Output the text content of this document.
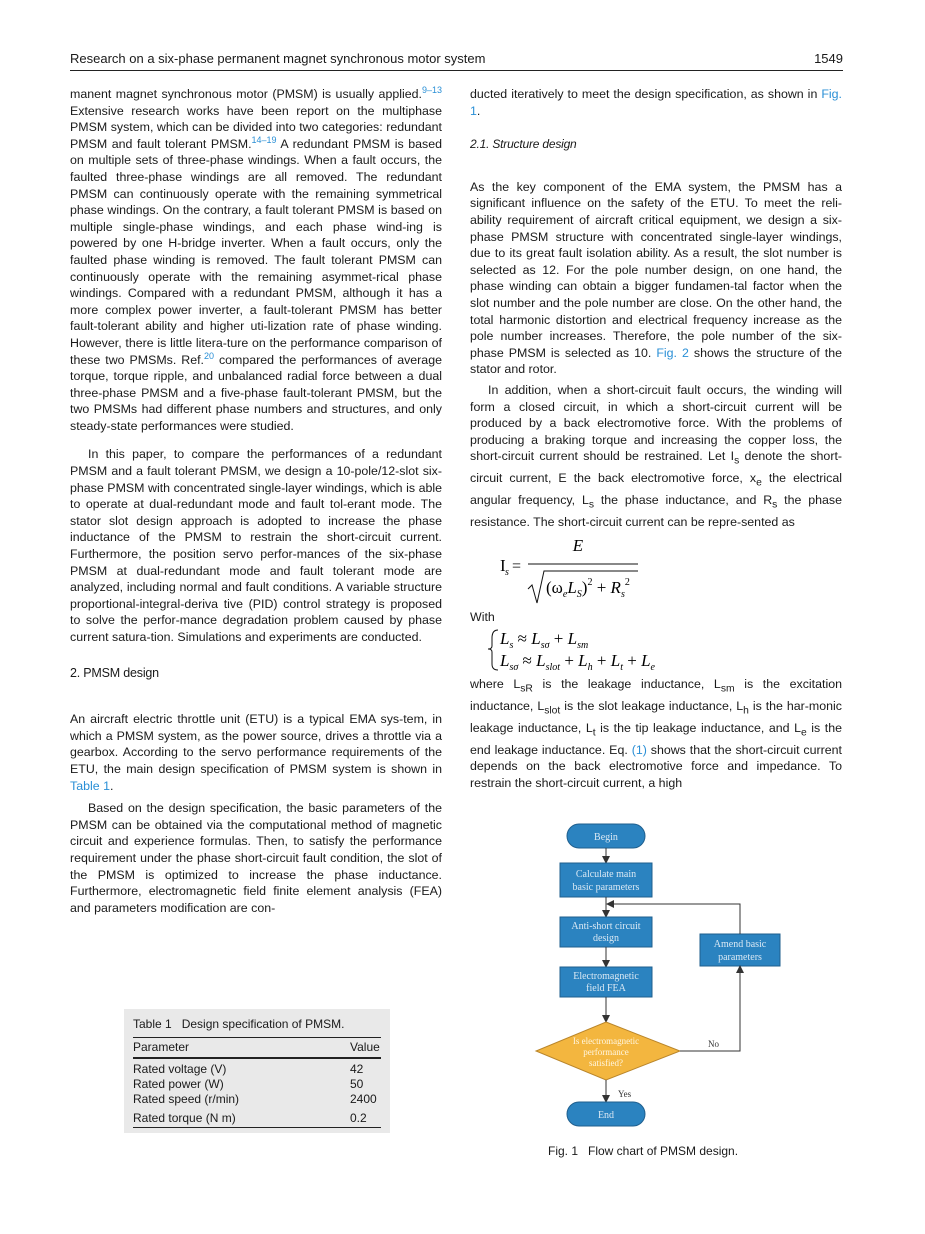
Research on a six-phase permanent magnet synchronous motor system	1549

manent magnet synchronous motor (PMSM) is usually applied.$^{9-13}$ Extensive research works have been report on the multiphase PMSM system, which can be divided into two categories: redundant PMSM and fault tolerant PMSM.$^{14-19}$ A redundant PMSM is based on multiple sets of three-phase windings. When a fault occurs, the faulted three-phase windings are all removed. The redundant PMSM can continuously operate with the remaining symmetrical phase windings. On the contrary, a fault tolerant PMSM is based on multiple single-phase windings, and each phase wind-ing is powered by one H-bridge inverter. When a fault occurs, only the faulted phase winding is removed. The fault tolerant PMSM can continuously operate with the remaining asymmet-rical phase windings. Compared with a redundant PMSM, although it has a more complex power inverter, a fault-tolerant PMSM has better fault-tolerant ability and higher uti-lization rate of phase winding. However, there is little litera-ture on the performance comparison of these two PMSMs. Ref.$^{20}$ compared the performances of average torque, torque ripple, and unbalanced radial force between a dual three-phase PMSM and a five-phase fault-tolerant PMSM, but the two PMSMs had different phase numbers and structures, and only steady-state performances were studied.

In this paper, to compare the performances of a redundant PMSM and a fault tolerant PMSM, we design a 10-pole/12-slot six-phase PMSM with concentrated single-layer windings, which is able to operate at dual-redundant mode and fault tol-erant mode. The stator slot design approach is adopted to increase the phase inductance of the PMSM to restrain the short-circuit current. Furthermore, the position servo perfor-mances of the six-phase PMSM at dual-redundant mode and fault tolerant mode are analyzed, including normal and fault conditions. A variable structure proportional-integral-deriva tive (PID) control strategy is proposed to solve the perfor-mance degradation problem caused by phase current satura-tion. Simulations and experiments are conducted.

2. PMSM design

An aircraft electric throttle unit (ETU) is a typical EMA sys-tem, in which a PMSM system, as the power source, drives a throttle via a gearbox. According to the servo performance requirements of the ETU, the main design specification of PMSM system is shown in Table 1.

Based on the design specification, the basic parameters of the PMSM can be obtained via the computational method of magnetic circuit and experience formulas. Then, to satisfy the performance requirement under the phase short-circuit fault condition, the slot of the PMSM is optimized to increase the phase inductance. Furthermore, electromagnetic field finite element analysis (FEA) and parameters modification are con-

ducted iteratively to meet the design specification, as shown in Fig. 1.

2.1. Structure design

As the key component of the EMA system, the PMSM has a significant influence on the safety of the ETU. To meet the reli-ability requirement of aircraft critical equipment, we design a six-phase PMSM structure with concentrated single-layer windings, due to its great fault isolation ability. As a result, the slot number is selected as 12. For the pole number design, on one hand, the phase winding can obtain a bigger fundamen-tal factor when the slot number and the pole number are close. On the other hand, the total harmonic distortion and electrical frequency increase as the pole number increases. Therefore, the pole number of the six-phase PMSM is selected as 10. Fig. 2 shows the structure of the stator and rotor.

In addition, when a short-circuit fault occurs, the winding will form a closed circuit, in which a short-circuit current will be produced by a back electromotive force. With the problems of producing a braking torque and increasing the copper loss, the short-circuit current should be restrained. Let $I_s$ denote the short-circuit current, E the back electromotive force, $x_e$ the electrical angular frequency, $L_s$ the phase inductance, and $R_s$ the phase resistance. The short-circuit current can be repre-sented as

E
I s =
$(\omega_eL_S)^2 + R_s^2$
With
$L_s \approx L_{s\sigma} + L_{sm}$
$L_{s\sigma} \approx L_{slot} + L_h + L_t + L_e$

where $L_{sR}$ is the leakage inductance, $L_{sm}$ is the excitation inductance, $L_{slot}$ is the slot leakage inductance, $L_h$ is the har-monic leakage inductance, $L_t$ is the tip leakage inductance, and $L_e$ is the end leakage inductance. Eq. (1) shows that the short-circuit current depends on the back electromotive force and impedance. To restrain the short-circuit current, a high

Table 1 Design specification of PMSM.
Parameter	Value
Rated voltage (V)	42
Rated power (W)	50
Rated speed (r/min)	2400
Rated torque (N m)	0.2
Begin
Calculate main
basic parameters
Anti-short circuit
design
Electromagnetic
field FEA
Is electromagnetic
performance
satisfied?
Yes
End
Amend basic
parameters
No
Fig. 1 Flow chart of PMSM design.
